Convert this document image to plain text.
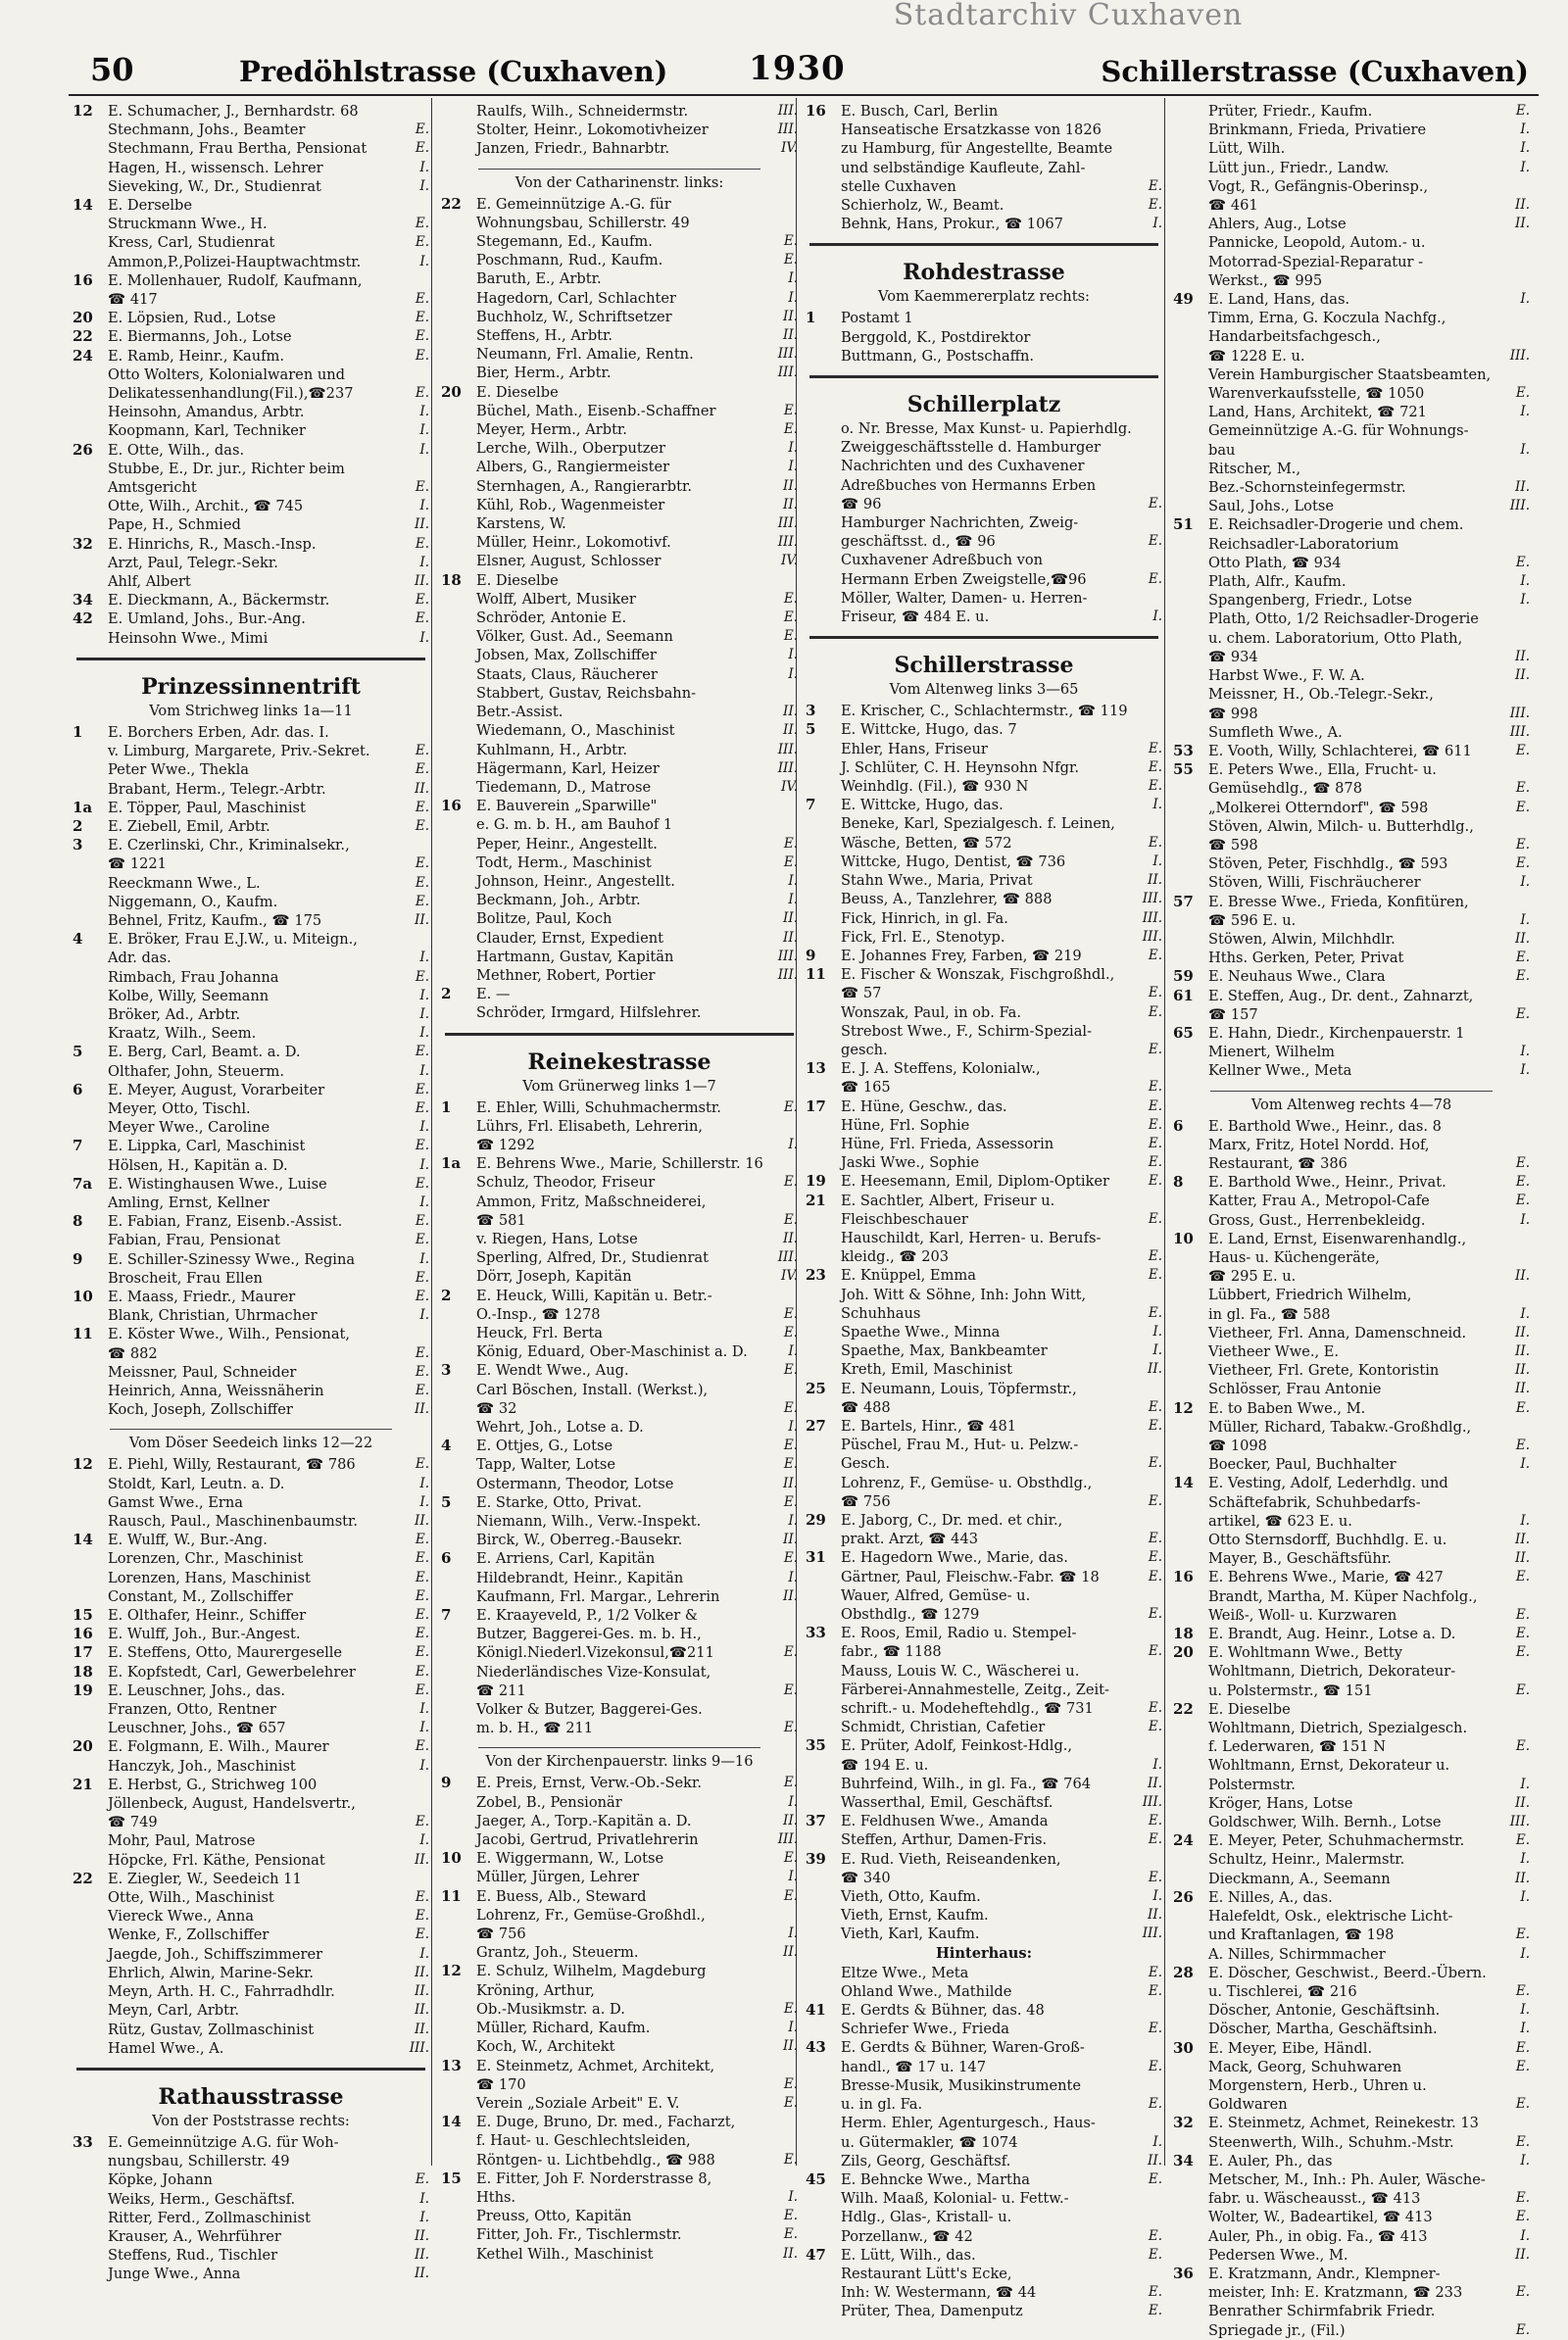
Stadtarchiv Cuxhaven
50	Predöhlstrasse (Cuxhaven) 1930	Schillerstrasse (Cuxhaven)
12 E. Schumacher, J., Bernhardstr. 68
Stechmann, Johs., Beamter	E.
Stechmann, Frau Bertha, Pensionat	E.
Hagen, H., wissensch. Lehrer	I.
Sieveking, W., Dr., Studienrat	I.
14 E. Derselbe
Struckmann Wwe., H.	E.
Kress, Carl, Studienrat	E.
Ammon,P.,Polizei-Hauptwachtmstr.	I.
16 E. Mollenhauer, Rudolf, Kaufmann,
☎ 417	E.
20 E. Löpsien, Rud., Lotse	E.
22 E. Biermanns, Joh., Lotse	E.
24 E. Ramb, Heinr., Kaufm.	E.
Otto Wolters, Kolonialwaren und
Delikatessenhandlung(Fil.),☎237	E.
Heinsohn, Amandus, Arbtr.	I.
Koopmann, Karl, Techniker	I.
26 E. Otte, Wilh., das.	I.
Stubbe, E., Dr. jur., Richter beim
Amtsgericht	E.
Otte, Wilh., Archit., ☎ 745	I.
Pape, H., Schmied	II.
32 E. Hinrichs, R., Masch.-Insp.	E.
Arzt, Paul, Telegr.-Sekr.	I.
Ahlf, Albert	II.
34 E. Dieckmann, A., Bäckermstr.	E.
42 E. Umland, Johs., Bur.-Ang.	E.
Heinsohn Wwe., Mimi	I.
Prinzessinnentrift
Vom Strichweg links 1a—11
1 E. Borchers Erben, Adr. das. I.
v. Limburg, Margarete, Priv.-Sekret.	E.
Peter Wwe., Thekla	E.
Brabant, Herm., Telegr.-Arbtr.	II.
1a E. Töpper, Paul, Maschinist	E.
2 E. Ziebell, Emil, Arbtr.	E.
3 E. Czerlinski, Chr., Kriminalsekr.,
☎ 1221	E.
Reeckmann Wwe., L.	E.
Niggemann, O., Kaufm.	E.
Behnel, Fritz, Kaufm., ☎ 175	II.
4 E. Bröker, Frau E.J.W., u. Miteign.,
Adr. das.	I.
Rimbach, Frau Johanna	E.
Kolbe, Willy, Seemann	I.
Bröker, Ad., Arbtr.	I.
Kraatz, Wilh., Seem.	I.
5 E. Berg, Carl, Beamt. a. D.	E.
Olthafer, John, Steuerm.	I.
6 E. Meyer, August, Vorarbeiter	E.
Meyer, Otto, Tischl.	E.
Meyer Wwe., Caroline	I.
7 E. Lippka, Carl, Maschinist	E.
Hölsen, H., Kapitän a. D.	I.
7a E. Wistinghausen Wwe., Luise	E.
Amling, Ernst, Kellner	I.
8 E. Fabian, Franz, Eisenb.-Assist.	E.
Fabian, Frau, Pensionat	E.
9 E. Schiller-Szinessy Wwe., Regina	I.
Broscheit, Frau Ellen	E.
10 E. Maass, Friedr., Maurer	E.
Blank, Christian, Uhrmacher	I.
11 E. Köster Wwe., Wilh., Pensionat,
☎ 882	E.
Meissner, Paul, Schneider	E.
Heinrich, Anna, Weissnäherin	E.
Koch, Joseph, Zollschiffer	II.
Vom Döser Seedeich links 12—22
12 E. Piehl, Willy, Restaurant, ☎ 786	E.
Stoldt, Karl, Leutn. a. D.	I.
Gamst Wwe., Erna	I.
Rausch, Paul., Maschinenbaumstr.	II.
14 E. Wulff, W., Bur.-Ang.	E.
Lorenzen, Chr., Maschinist	E.
Lorenzen, Hans, Maschinist	E.
Constant, M., Zollschiffer	E.
15 E. Olthafer, Heinr., Schiffer	E.
16 E. Wulff, Joh., Bur.-Angest.	E.
17 E. Steffens, Otto, Maurergeselle	E.
18 E. Kopfstedt, Carl, Gewerbelehrer	E.
19 E. Leuschner, Johs., das.	E.
Franzen, Otto, Rentner	I.
Leuschner, Johs., ☎ 657	I.
20 E. Folgmann, E. Wilh., Maurer	E.
Hanczyk, Joh., Maschinist	I.
21 E. Herbst, G., Strichweg 100
Jöllenbeck, August, Handelsvertr.,
☎ 749	E.
Mohr, Paul, Matrose	I.
Höpcke, Frl. Käthe, Pensionat	II.
22 E. Ziegler, W., Seedeich 11
Otte, Wilh., Maschinist	E.
Viereck Wwe., Anna	E.
Wenke, F., Zollschiffer	E.
Jaegde, Joh., Schiffszimmerer	I.
Ehrlich, Alwin, Marine-Sekr.	II.
Meyn, Arth. H. C., Fahrradhdlr.	II.
Meyn, Carl, Arbtr.	II.
Rütz, Gustav, Zollmaschinist	II.
Hamel Wwe., A.	III.
Rathausstrasse
Von der Poststrasse rechts:
33 E. Gemeinnützige A.G. für Woh-
nungsbau, Schillerstr. 49
Köpke, Johann	E.
Weiks, Herm., Geschäftsf.	I.
Ritter, Ferd., Zollmaschinist	I.
Krauser, A., Wehrführer	II.
Steffens, Rud., Tischler	II.
Junge Wwe., Anna	II.
Raulfs, Wilh., Schneidermstr.	III.
Stolter, Heinr., Lokomotivheizer	III.
Janzen, Friedr., Bahnarbtr.	IV.
Von der Catharinenstr. links:
22 E. Gemeinnützige A.-G. für
Wohnungsbau, Schillerstr. 49
Stegemann, Ed., Kaufm.	E.
Poschmann, Rud., Kaufm.	E.
Baruth, E., Arbtr.	I.
Hagedorn, Carl, Schlachter	I.
Buchholz, W., Schriftsetzer	II.
Steffens, H., Arbtr.	II.
Neumann, Frl. Amalie, Rentn.	III.
Bier, Herm., Arbtr.	III.
20 E. Dieselbe
Büchel, Math., Eisenb.-Schaffner	E.
Meyer, Herm., Arbtr.	E.
Lerche, Wilh., Oberputzer	I.
Albers, G., Rangiermeister	I.
Sternhagen, A., Rangierarbtr.	II.
Kühl, Rob., Wagenmeister	II.
Karstens, W.	III.
Müller, Heinr., Lokomotivf.	III.
Elsner, August, Schlosser	IV.
18 E. Dieselbe
Wolff, Albert, Musiker	E.
Schröder, Antonie E.	E.
Völker, Gust. Ad., Seemann	E.
Jobsen, Max, Zollschiffer	I.
Staats, Claus, Räucherer	I.
Stabbert, Gustav, Reichsbahn-
Betr.-Assist.	II.
Wiedemann, O., Maschinist	II.
Kuhlmann, H., Arbtr.	III.
Hägermann, Karl, Heizer	III.
Tiedemann, D., Matrose	IV.
16 E. Bauverein „Sparwille"
e. G. m. b. H., am Bauhof 1
Peper, Heinr., Angestellt.	E.
Todt, Herm., Maschinist	E.
Johnson, Heinr., Angestellt.	I.
Beckmann, Joh., Arbtr.	I.
Bolitze, Paul, Koch	II.
Clauder, Ernst, Expedient	II.
Hartmann, Gustav, Kapitän	III.
Methner, Robert, Portier	III.
2 E. —
Schröder, Irmgard, Hilfslehrer.
Reinekestrasse
Vom Grünerweg links 1—7
1 E. Ehler, Willi, Schuhmachermstr.	E.
Lührs, Frl. Elisabeth, Lehrerin,
☎ 1292	I.
1a E. Behrens Wwe., Marie, Schillerstr. 16
Schulz, Theodor, Friseur	E.
Ammon, Fritz, Maßschneiderei,
☎ 581	E.
v. Riegen, Hans, Lotse	II.
Sperling, Alfred, Dr., Studienrat	III.
Dörr, Joseph, Kapitän	IV.
2 E. Heuck, Willi, Kapitän u. Betr.-
O.-Insp., ☎ 1278	E.
Heuck, Frl. Berta	E.
König, Eduard, Ober-Maschinist a. D.	I.
3 E. Wendt Wwe., Aug.	E.
Carl Böschen, Install. (Werkst.),
☎ 32	E.
Wehrt, Joh., Lotse a. D.	I.
4 E. Ottjes, G., Lotse	E.
Tapp, Walter, Lotse	E.
Ostermann, Theodor, Lotse	II.
5 E. Starke, Otto, Privat.	E.
Niemann, Wilh., Verw.-Inspekt.	I.
Birck, W., Oberreg.-Bausekr.	II.
6 E. Arriens, Carl, Kapitän	E.
Hildebrandt, Heinr., Kapitän	I.
Kaufmann, Frl. Margar., Lehrerin	II.
7 E. Kraayeveld, P., 1/2 Volker &
Butzer, Baggerei-Ges. m. b. H.,
Königl.Niederl.Vizekonsul,☎211	E.
Niederländisches Vize-Konsulat,
☎ 211	E.
Volker & Butzer, Baggerei-Ges.
m. b. H., ☎ 211	E.
Von der Kirchenpauerstr. links 9—16
9 E. Preis, Ernst, Verw.-Ob.-Sekr.	E.
Zobel, B., Pensionär	I.
Jaeger, A., Torp.-Kapitän a. D.	II.
Jacobi, Gertrud, Privatlehrerin	III.
10 E. Wiggermann, W., Lotse	E.
Müller, Jürgen, Lehrer	I.
11 E. Buess, Alb., Steward	E.
Lohrenz, Fr., Gemüse-Großhdl.,
☎ 756	I.
Grantz, Joh., Steuerm.	II.
12 E. Schulz, Wilhelm, Magdeburg
Kröning, Arthur,
Ob.-Musikmstr. a. D.	E.
Müller, Richard, Kaufm.	I.
Koch, W., Architekt	II.
13 E. Steinmetz, Achmet, Architekt,
☎ 170	E.
Verein „Soziale Arbeit" E. V.	E.
14 E. Duge, Bruno, Dr. med., Facharzt,
f. Haut- u. Geschlechtsleiden,
Röntgen- u. Lichtbehdlg., ☎ 988	E.
15 E. Fitter, Joh F. Norderstrasse 8,
Hths.	I.
Preuss, Otto, Kapitän	E.
Fitter, Joh. Fr., Tischlermstr.	E.
Kethel Wilh., Maschinist	II.
16 E. Busch, Carl, Berlin
Hanseatische Ersatzkasse von 1826
zu Hamburg, für Angestellte, Beamte
und selbständige Kaufleute, Zahl-
stelle Cuxhaven	E.
Schierholz, W., Beamt.	E.
Behnk, Hans, Prokur., ☎ 1067	I.
Rohdestrasse
Vom Kaemmererplatz rechts:
1 Postamt 1
Berggold, K., Postdirektor
Buttmann, G., Postschaffn.
Schillerplatz
o. Nr. Bresse, Max Kunst- u. Papierhdlg.
Zweiggeschäftsstelle d. Hamburger
Nachrichten und des Cuxhavener
Adreßbuches von Hermanns Erben
☎ 96	E.
Hamburger Nachrichten, Zweig-
geschäftsst. d., ☎ 96	E.
Cuxhavener Adreßbuch von
Hermann Erben Zweigstelle,☎96	E.
Möller, Walter, Damen- u. Herren-
Friseur, ☎ 484 E. u.	I.
Schillerstrasse
Vom Altenweg links 3—65
3 E. Krischer, C., Schlachtermstr., ☎ 119
5 E. Wittcke, Hugo, das. 7
Ehler, Hans, Friseur	E.
J. Schlüter, C. H. Heynsohn Nfgr.	E.
Weinhdlg. (Fil.), ☎ 930 N	E.
7 E. Wittcke, Hugo, das.	I.
Beneke, Karl, Spezialgesch. f. Leinen,
Wäsche, Betten, ☎ 572	E.
Wittcke, Hugo, Dentist, ☎ 736	I.
Stahn Wwe., Maria, Privat	II.
Beuss, A., Tanzlehrer, ☎ 888	III.
Fick, Hinrich, in gl. Fa.	III.
Fick, Frl. E., Stenotyp.	III.
9 E. Johannes Frey, Farben, ☎ 219	E.
11 E. Fischer & Wonszak, Fischgroßhdl.,
☎ 57	E.
Wonszak, Paul, in ob. Fa.	E.
Strebost Wwe., F., Schirm-Spezial-
gesch.	E.
13 E. J. A. Steffens, Kolonialw.,
☎ 165	E.
17 E. Hüne, Geschw., das.	E.
Hüne, Frl. Sophie	E.
Hüne, Frl. Frieda, Assessorin	E.
Jaski Wwe., Sophie	E.
19 E. Heesemann, Emil, Diplom-Optiker	E.
21 E. Sachtler, Albert, Friseur u.
Fleischbeschauer	E.
Hauschildt, Karl, Herren- u. Berufs-
kleidg., ☎ 203	E.
23 E. Knüppel, Emma	E.
Joh. Witt & Söhne, Inh: John Witt,
Schuhhaus	E.
Spaethe Wwe., Minna	I.
Spaethe, Max, Bankbeamter	I.
Kreth, Emil, Maschinist	II.
25 E. Neumann, Louis, Töpfermstr.,
☎ 488	E.
27 E. Bartels, Hinr., ☎ 481	E.
Püschel, Frau M., Hut- u. Pelzw.-
Gesch.	E.
Lohrenz, F., Gemüse- u. Obsthdlg.,
☎ 756	E.
29 E. Jaborg, C., Dr. med. et chir.,
prakt. Arzt, ☎ 443	E.
31 E. Hagedorn Wwe., Marie, das.	E.
Gärtner, Paul, Fleischw.-Fabr. ☎ 18	E.
Wauer, Alfred, Gemüse- u.
Obsthdlg., ☎ 1279	E.
33 E. Roos, Emil, Radio u. Stempel-
fabr., ☎ 1188	E.
Mauss, Louis W. C., Wäscherei u.
Färberei-Annahmestelle, Zeitg., Zeit-
schrift.- u. Modeheftehdlg., ☎ 731	E.
Schmidt, Christian, Cafetier	E.
35 E. Prüter, Adolf, Feinkost-Hdlg.,
☎ 194 E. u.	I.
Buhrfeind, Wilh., in gl. Fa., ☎ 764	II.
Wasserthal, Emil, Geschäftsf.	III.
37 E. Feldhusen Wwe., Amanda	E.
Steffen, Arthur, Damen-Fris.	E.
39 E. Rud. Vieth, Reiseandenken,
☎ 340	E.
Vieth, Otto, Kaufm.	I.
Vieth, Ernst, Kaufm.	II.
Vieth, Karl, Kaufm.	III.
Hinterhaus:
Eltze Wwe., Meta	E.
Ohland Wwe., Mathilde	E.
41 E. Gerdts & Bühner, das. 48
Schriefer Wwe., Frieda	E.
43 E. Gerdts & Bühner, Waren-Groß-
handl., ☎ 17 u. 147	E.
Bresse-Musik, Musikinstrumente
u. in gl. Fa.	E.
Herm. Ehler, Agenturgesch., Haus-
u. Gütermakler, ☎ 1074	I.
Zils, Georg, Geschäftsf.	II.
45 E. Behncke Wwe., Martha	E.
Wilh. Maaß, Kolonial- u. Fettw.-
Hdlg., Glas-, Kristall- u.
Porzellanw., ☎ 42	E.
47 E. Lütt, Wilh., das.	E.
Restaurant Lütt's Ecke,
Inh: W. Westermann, ☎ 44	E.
Prüter, Thea, Damenputz	E.
Prüter, Friedr., Kaufm.	E.
Brinkmann, Frieda, Privatiere	I.
Lütt, Wilh.	I.
Lütt jun., Friedr., Landw.	I.
Vogt, R., Gefängnis-Oberinsp.,
☎ 461	II.
Ahlers, Aug., Lotse	II.
Pannicke, Leopold, Autom.- u.
Motorrad-Spezial-Reparatur -
Werkst., ☎ 995
49 E. Land, Hans, das.	I.
Timm, Erna, G. Koczula Nachfg.,
Handarbeitsfachgesch.,
☎ 1228 E. u.	III.
Verein Hamburgischer Staatsbeamten,
Warenverkaufsstelle, ☎ 1050	E.
Land, Hans, Architekt, ☎ 721	I.
Gemeinnützige A.-G. für Wohnungs-
bau	I.
Ritscher, M.,
Bez.-Schornsteinfegermstr.	II.
Saul, Johs., Lotse	III.
51 E. Reichsadler-Drogerie und chem.
Reichsadler-Laboratorium
Otto Plath, ☎ 934	E.
Plath, Alfr., Kaufm.	I.
Spangenberg, Friedr., Lotse	I.
Plath, Otto, 1/2 Reichsadler-Drogerie
u. chem. Laboratorium, Otto Plath,
☎ 934	II.
Harbst Wwe., F. W. A.	II.
Meissner, H., Ob.-Telegr.-Sekr.,
☎ 998	III.
Sumfleth Wwe., A.	III.
53 E. Vooth, Willy, Schlachterei, ☎ 611	E.
55 E. Peters Wwe., Ella, Frucht- u.
Gemüsehdlg., ☎ 878	E.
„Molkerei Otterndorf", ☎ 598	E.
Stöven, Alwin, Milch- u. Butterhdlg.,
☎ 598	E.
Stöven, Peter, Fischhdlg., ☎ 593	E.
Stöven, Willi, Fischräucherer	I.
57 E. Bresse Wwe., Frieda, Konfitüren,
☎ 596 E. u.	I.
Stöwen, Alwin, Milchhdlr.	II.
Hths. Gerken, Peter, Privat	E.
59 E. Neuhaus Wwe., Clara	E.
61 E. Steffen, Aug., Dr. dent., Zahnarzt,
☎ 157	E.
65 E. Hahn, Diedr., Kirchenpauerstr. 1
Mienert, Wilhelm	I.
Kellner Wwe., Meta	I.
Vom Altenweg rechts 4—78
6 E. Barthold Wwe., Heinr., das. 8
Marx, Fritz, Hotel Nordd. Hof,
Restaurant, ☎ 386	E.
8 E. Barthold Wwe., Heinr., Privat.	E.
Katter, Frau A., Metropol-Cafe	E.
Gross, Gust., Herrenbekleidg.	I.
10 E. Land, Ernst, Eisenwarenhandlg.,
Haus- u. Küchengeräte,
☎ 295 E. u.	II.
Lübbert, Friedrich Wilhelm,
in gl. Fa., ☎ 588	I.
Vietheer, Frl. Anna, Damenschneid.	II.
Vietheer Wwe., E.	II.
Vietheer, Frl. Grete, Kontoristin	II.
Schlösser, Frau Antonie	II.
12 E. to Baben Wwe., M.	E.
Müller, Richard, Tabakw.-Großhdlg.,
☎ 1098	E.
Boecker, Paul, Buchhalter	I.
14 E. Vesting, Adolf, Lederhdlg. und
Schäftefabrik, Schuhbedarfs-
artikel, ☎ 623 E. u.	I.
Otto Sternsdorff, Buchhdlg. E. u.	II.
Mayer, B., Geschäftsführ.	II.
16 E. Behrens Wwe., Marie, ☎ 427	E.
Brandt, Martha, M. Küper Nachfolg.,
Weiß-, Woll- u. Kurzwaren	E.
18 E. Brandt, Aug. Heinr., Lotse a. D.	E.
20 E. Wohltmann Wwe., Betty	E.
Wohltmann, Dietrich, Dekorateur-
u. Polstermstr., ☎ 151	E.
22 E. Dieselbe
Wohltmann, Dietrich, Spezialgesch.
f. Lederwaren, ☎ 151 N	E.
Wohltmann, Ernst, Dekorateur u.
Polstermstr.	I.
Kröger, Hans, Lotse	II.
Goldschwer, Wilh. Bernh., Lotse	III.
24 E. Meyer, Peter, Schuhmachermstr.	E.
Schultz, Heinr., Malermstr.	I.
Dieckmann, A., Seemann	II.
26 E. Nilles, A., das.	I.
Halefeldt, Osk., elektrische Licht-
und Kraftanlagen, ☎ 198	E.
A. Nilles, Schirmmacher	I.
28 E. Döscher, Geschwist., Beerd.-Übern.
u. Tischlerei, ☎ 216	E.
Döscher, Antonie, Geschäftsinh.	I.
Döscher, Martha, Geschäftsinh.	I.
30 E. Meyer, Eibe, Händl.	E.
Mack, Georg, Schuhwaren	E.
Morgenstern, Herb., Uhren u.
Goldwaren	E.
32 E. Steinmetz, Achmet, Reinekestr. 13
Steenwerth, Wilh., Schuhm.-Mstr.	E.
34 E. Auler, Ph., das	I.
Metscher, M., Inh.: Ph. Auler, Wäsche-
fabr. u. Wäscheausst., ☎ 413	E.
Wolter, W., Badeartikel, ☎ 413	E.
Auler, Ph., in obig. Fa., ☎ 413	I.
Pedersen Wwe., M.	II.
36 E. Kratzmann, Andr., Klempner-
meister, Inh: E. Kratzmann, ☎ 233	E.
Benrather Schirmfabrik Friedr.
Spriegade jr., (Fil.)	E.
